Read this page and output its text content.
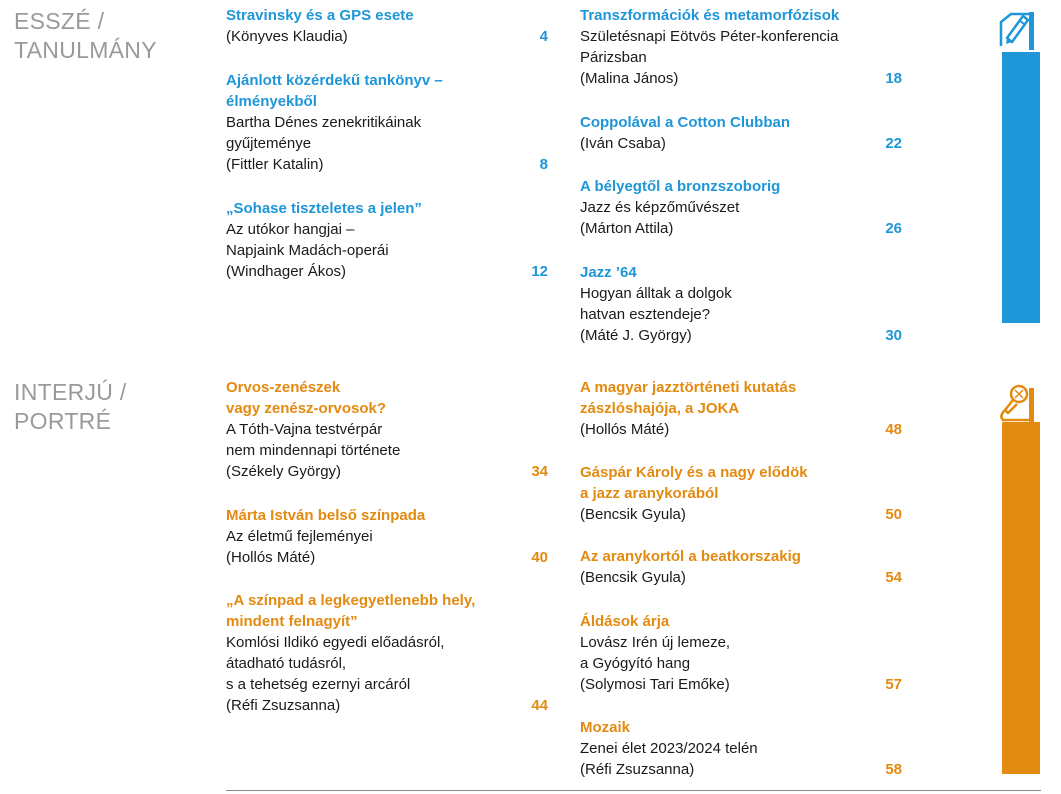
ESSZÉ /
TANULMÁNY
INTERJÚ /
PORTRÉ
Stravinsky és a GPS esete
(Könyves Klaudia)	4
Ajánlott közérdekű tankönyv –
élményekből
Bartha Dénes zenekritikáinak
gyűjteménye
(Fittler Katalin)	8
„Sohase tiszteletes a jelen”
Az utókor hangjai –
Napjaink Madách-operái
(Windhager Ákos)	12
Transzformációk és metamorfózisok
Születésnapi Eötvös Péter-konferencia
Párizsban
(Malina János)	18
Coppolával a Cotton Clubban
(Iván Csaba)	22
A bélyegtől a bronzszoborig
Jazz és képzőművészet
(Márton Attila)	26
Jazz ’64
Hogyan álltak a dolgok
hatvan esztendeje?
(Máté J. György)	30
Orvos-zenészek
vagy zenész-orvosok?
A Tóth-Vajna testvérpár
nem mindennapi története
(Székely György)	34
Márta István belső színpada
Az életmű fejleményei
(Hollós Máté)	40
„A színpad a legkegyetlenebb hely,
mindent felnagyít”
Komlósi Ildikó egyedi előadásról,
átadható tudásról,
s a tehetség ezernyi arcáról
(Réfi Zsuzsanna)	44
A magyar jazztörténeti kutatás
zászlóshajója, a JOKA
(Hollós Máté)	48
Gáspár Károly és a nagy elődök
a jazz aranykorából
(Bencsik Gyula)	50
Az aranykortól a beatkorszakig
(Bencsik Gyula)	54
Áldások árja
Lovász Irén új lemeze,
a Gyógyító hang
(Solymosi Tari Emőke)	57
Mozaik
Zenei élet 2023/2024 telén
(Réfi Zsuzsanna)	58
